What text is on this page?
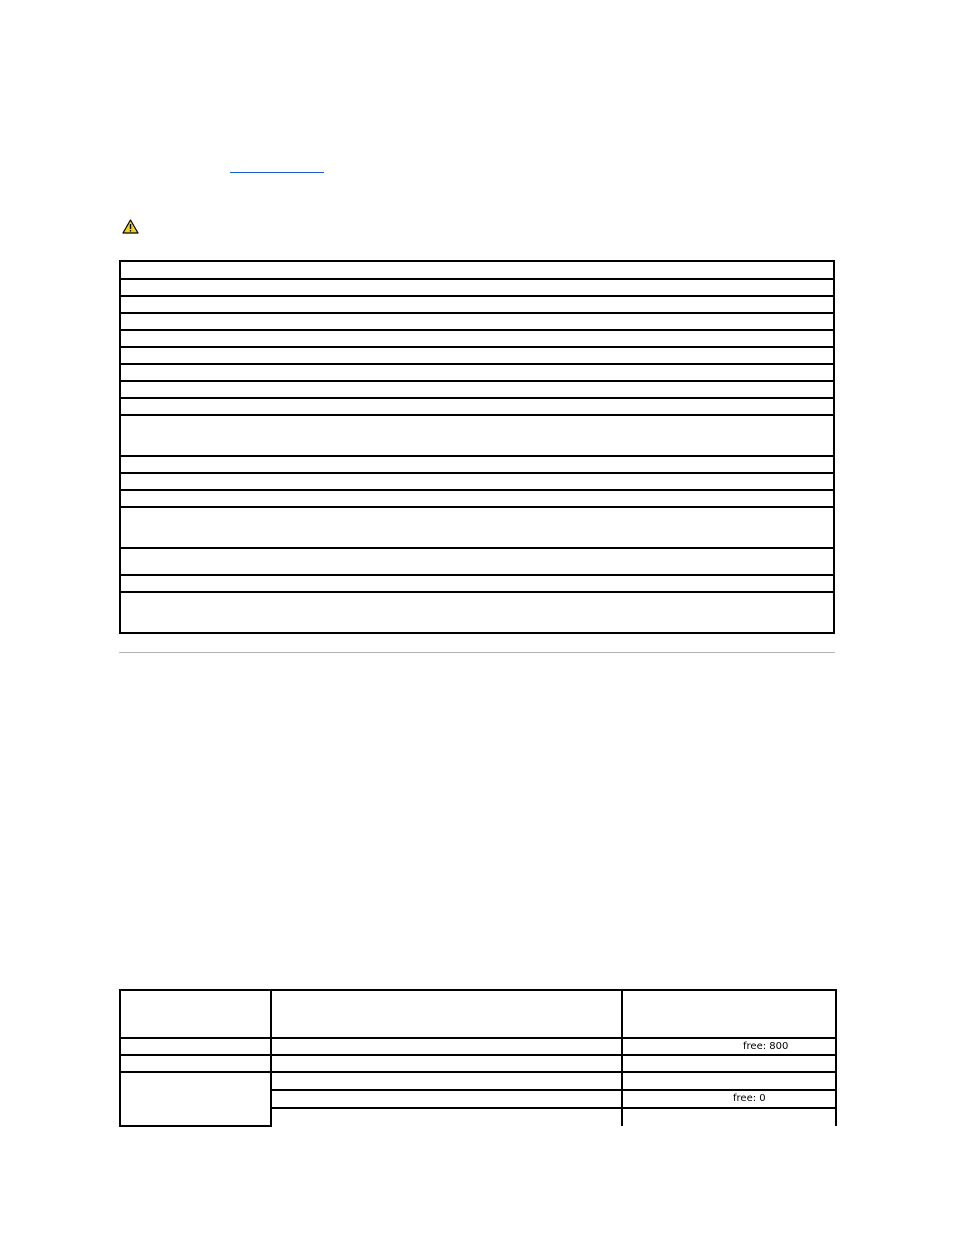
		free: 800

		free: 0
